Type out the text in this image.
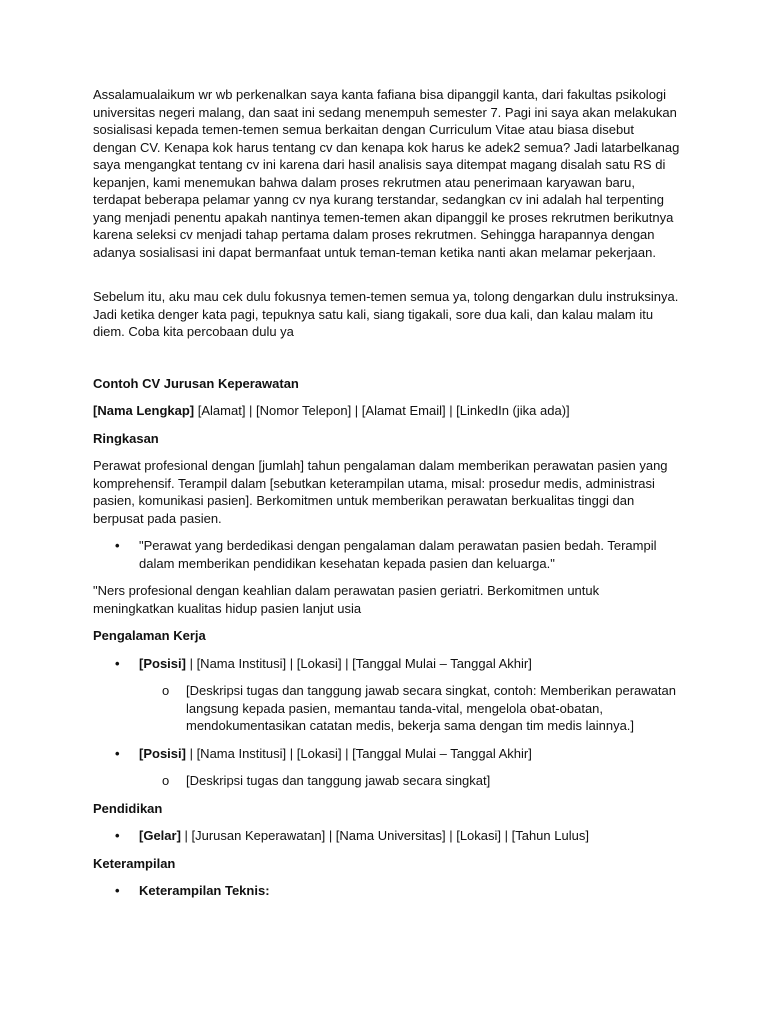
Assalamualaikum wr wb perkenalkan saya kanta fafiana bisa dipanggil kanta, dari fakultas psikologi universitas negeri malang, dan saat ini sedang menempuh semester 7. Pagi ini saya akan melakukan sosialisasi kepada temen-temen semua berkaitan dengan Curriculum Vitae atau biasa disebut dengan CV. Kenapa kok harus tentang cv dan kenapa kok harus ke adek2 semua? Jadi latarbelkanag saya mengangkat tentang cv ini karena dari hasil analisis saya ditempat magang disalah satu RS di kepanjen, kami menemukan bahwa dalam proses rekrutmen atau penerimaan karyawan baru, terdapat beberapa pelamar yanng cv nya kurang terstandar, sedangkan cv ini adalah hal terpenting yang menjadi penentu apakah nantinya temen-temen akan dipanggil ke proses rekrutmen berikutnya karena seleksi cv menjadi tahap pertama dalam proses rekrutmen. Sehingga harapannya dengan adanya sosialisasi ini dapat bermanfaat untuk teman-teman ketika nanti akan melamar pekerjaan.

Sebelum itu, aku mau cek dulu fokusnya temen-temen semua ya, tolong dengarkan dulu instruksinya. Jadi ketika denger kata pagi, tepuknya satu kali, siang tigakali, sore dua kali, dan kalau malam itu diem. Coba kita percobaan dulu ya

Contoh CV Jurusan Keperawatan

[Nama Lengkap] [Alamat] | [Nomor Telepon] | [Alamat Email] | [LinkedIn (jika ada)]

Ringkasan

Perawat profesional dengan [jumlah] tahun pengalaman dalam memberikan perawatan pasien yang komprehensif. Terampil dalam [sebutkan keterampilan utama, misal: prosedur medis, administrasi pasien, komunikasi pasien]. Berkomitmen untuk memberikan perawatan berkualitas tinggi dan berpusat pada pasien.

• "Perawat yang berdedikasi dengan pengalaman dalam perawatan pasien bedah. Terampil dalam memberikan pendidikan kesehatan kepada pasien dan keluarga."

"Ners profesional dengan keahlian dalam perawatan pasien geriatri. Berkomitmen untuk meningkatkan kualitas hidup pasien lanjut usia

Pengalaman Kerja

• [Posisi] | [Nama Institusi] | [Lokasi] | [Tanggal Mulai – Tanggal Akhir]
o [Deskripsi tugas dan tanggung jawab secara singkat, contoh: Memberikan perawatan langsung kepada pasien, memantau tanda-vital, mengelola obat-obatan, mendokumentasikan catatan medis, bekerja sama dengan tim medis lainnya.]
• [Posisi] | [Nama Institusi] | [Lokasi] | [Tanggal Mulai – Tanggal Akhir]
o [Deskripsi tugas dan tanggung jawab secara singkat]

Pendidikan

• [Gelar] | [Jurusan Keperawatan] | [Nama Universitas] | [Lokasi] | [Tahun Lulus]

Keterampilan

• Keterampilan Teknis:
